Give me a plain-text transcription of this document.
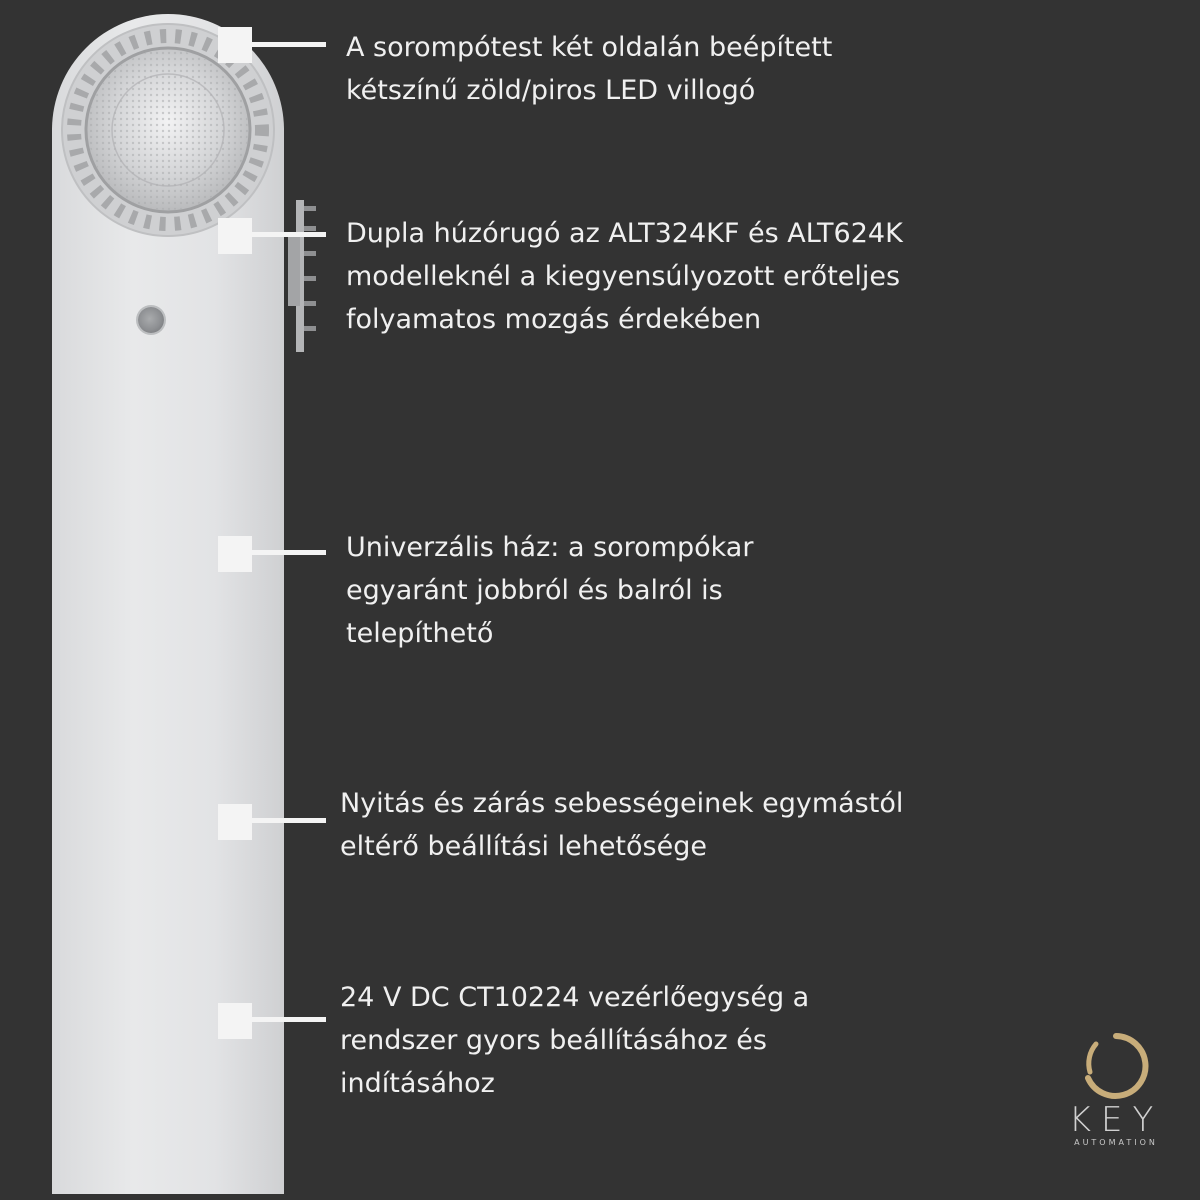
A sorompótest két oldalán beépített
kétszínű zöld/piros LED villogó
Dupla húzórugó az ALT324KF és ALT624K
modelleknél a kiegyensúlyozott erőteljes
folyamatos mozgás érdekében
Univerzális ház: a sorompókar
egyaránt jobbról és balról is
telepíthető
Nyitás és zárás sebességeinek egymástól
eltérő beállítási lehetősége
24 V DC CT10224 vezérlőegység a
rendszer gyors beállításához és
indításához
KEY
AUTOMATION
